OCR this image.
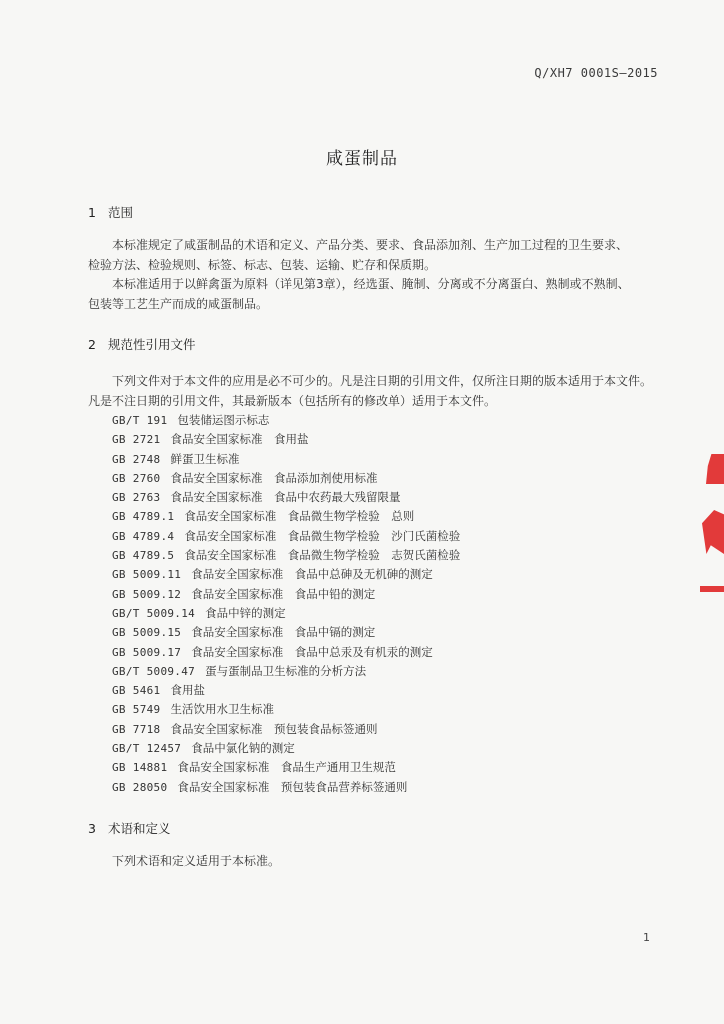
Q/XH7 0001S—2015
咸蛋制品
1 范围
本标准规定了咸蛋制品的术语和定义、产品分类、要求、食品添加剂、生产加工过程的卫生要求、
检验方法、检验规则、标签、标志、包装、运输、贮存和保质期。
本标准适用于以鲜禽蛋为原料（详见第3章），经选蛋、腌制、分离或不分离蛋白、熟制或不熟制、
包装等工艺生产而成的咸蛋制品。
2 规范性引用文件
下列文件对于本文件的应用是必不可少的。凡是注日期的引用文件，仅所注日期的版本适用于本文件。
凡是不注日期的引用文件，其最新版本（包括所有的修改单）适用于本文件。
GB/T 191 包装储运图示标志
GB 2721 食品安全国家标准　食用盐
GB 2748 鲜蛋卫生标准
GB 2760 食品安全国家标准　食品添加剂使用标准
GB 2763 食品安全国家标准　食品中农药最大残留限量
GB 4789.1 食品安全国家标准　食品微生物学检验　总则
GB 4789.4 食品安全国家标准　食品微生物学检验　沙门氏菌检验
GB 4789.5 食品安全国家标准　食品微生物学检验　志贺氏菌检验
GB 5009.11 食品安全国家标准　食品中总砷及无机砷的测定
GB 5009.12 食品安全国家标准　食品中铅的测定
GB/T 5009.14 食品中锌的测定
GB 5009.15 食品安全国家标准　食品中镉的测定
GB 5009.17 食品安全国家标准　食品中总汞及有机汞的测定
GB/T 5009.47 蛋与蛋制品卫生标准的分析方法
GB 5461 食用盐
GB 5749 生活饮用水卫生标准
GB 7718 食品安全国家标准　预包装食品标签通则
GB/T 12457 食品中氯化钠的测定
GB 14881 食品安全国家标准　食品生产通用卫生规范
GB 28050 食品安全国家标准　预包装食品营养标签通则
3 术语和定义
下列术语和定义适用于本标准。
1
